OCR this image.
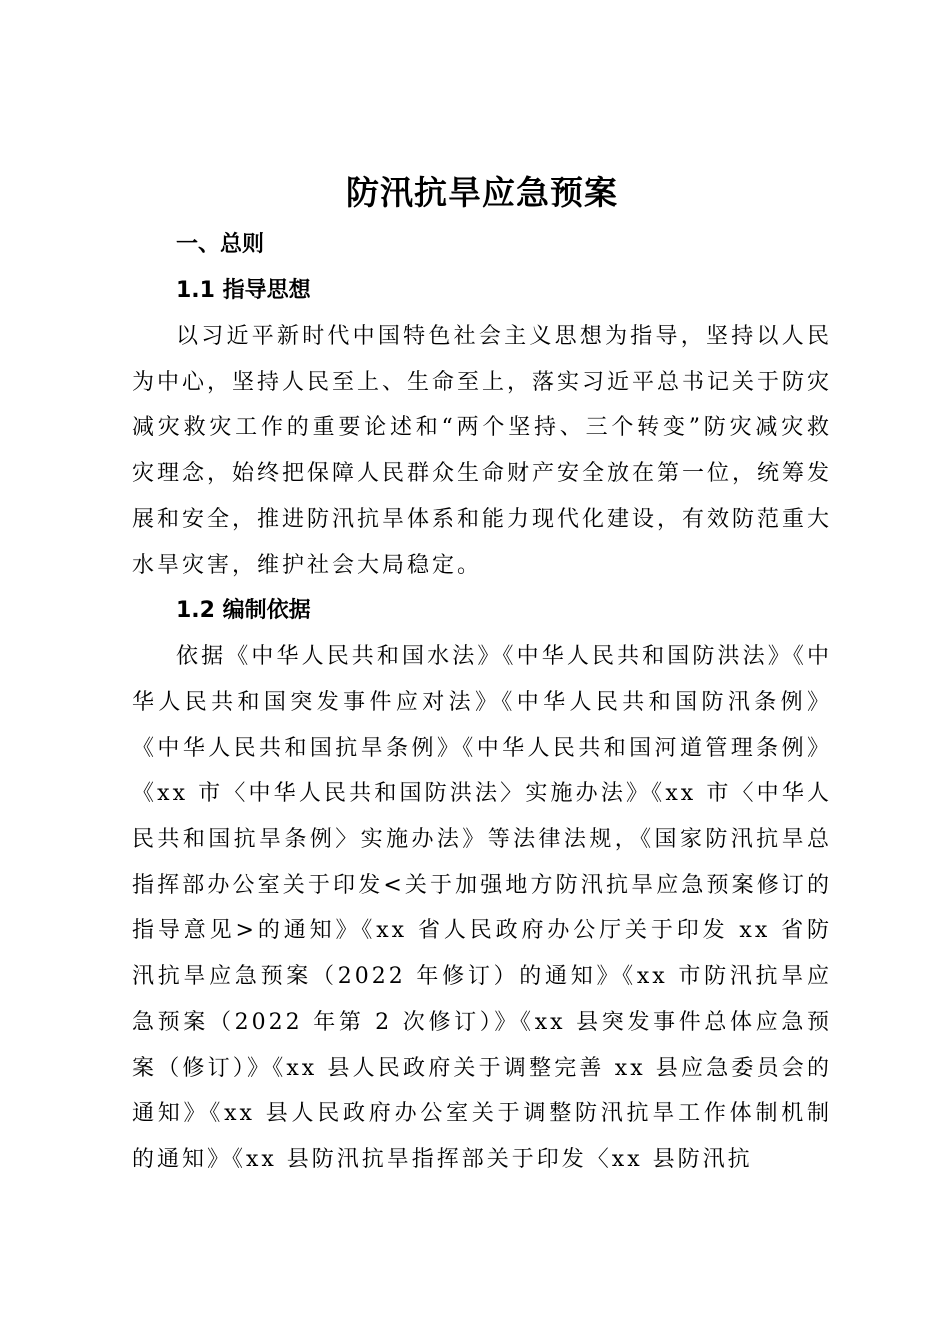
防汛抗旱应急预案
一、总则
1.1 指导思想

以习近平新时代中国特色社会主义思想为指导，坚持以人民为中心，坚持人民至上、生命至上，落实习近平总书记关于防灾减灾救灾工作的重要论述和“两个坚持、三个转变”防灾减灾救灾理念，始终把保障人民群众生命财产安全放在第一位，统筹发展和安全，推进防汛抗旱体系和能力现代化建设，有效防范重大水旱灾害，维护社会大局稳定。

1.2 编制依据

依据《中华人民共和国水法》《中华人民共和国防洪法》《中华人民共和国突发事件应对法》《中华人民共和国防汛条例》《中华人民共和国抗旱条例》《中华人民共和国河道管理条例》《xx 市〈中华人民共和国防洪法〉实施办法》《xx 市〈中华人民共和国抗旱条例〉实施办法》等法律法规，《国家防汛抗旱总指挥部办公室关于印发<关于加强地方防汛抗旱应急预案修订的指导意见>的通知》《xx 省人民政府办公厅关于印发 xx 省防汛抗旱应急预案（2022 年修订）的通知》《xx 市防汛抗旱应急预案（2022 年第 2 次修订）》《xx 县突发事件总体应急预案（修订）》《xx 县人民政府关于调整完善 xx 县应急委员会的通知》《xx 县人民政府办公室关于调整防汛抗旱工作体制机制的通知》《xx 县防汛抗旱指挥部关于印发〈xx 县防汛抗
